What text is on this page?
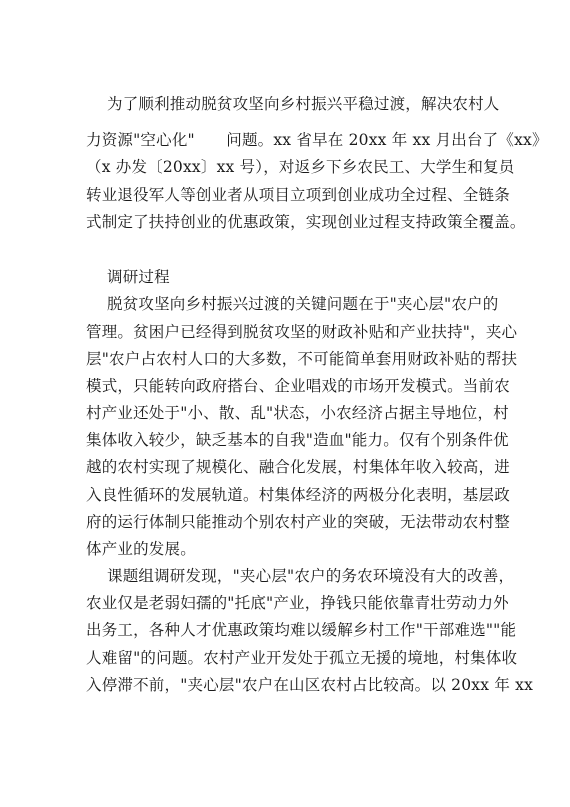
为了顺利推动脱贫攻坚向乡村振兴平稳过渡，解决农村人
力资源"空心化"　　问题。xx 省早在 20xx 年 xx 月出台了《xx》
（x 办发〔20xx〕xx 号），对返乡下乡农民工、大学生和复员
转业退役军人等创业者从项目立项到创业成功全过程、全链条
式制定了扶持创业的优惠政策，实现创业过程支持政策全覆盖。
调研过程
脱贫攻坚向乡村振兴过渡的关键问题在于"夹心层"农户的
管理。贫困户已经得到脱贫攻坚的财政补贴和产业扶持"，夹心
层"农户占农村人口的大多数，不可能简单套用财政补贴的帮扶
模式，只能转向政府搭台、企业唱戏的市场开发模式。当前农
村产业还处于"小、散、乱"状态，小农经济占据主导地位，村
集体收入较少，缺乏基本的自我"造血"能力。仅有个别条件优
越的农村实现了规模化、融合化发展，村集体年收入较高，进
入良性循环的发展轨道。村集体经济的两极分化表明，基层政
府的运行体制只能推动个别农村产业的突破，无法带动农村整
体产业的发展。
课题组调研发现，"夹心层"农户的务农环境没有大的改善，
农业仅是老弱妇孺的"托底"产业，挣钱只能依靠青壮劳动力外
出务工，各种人才优惠政策均难以缓解乡村工作"干部难选""能
人难留"的问题。农村产业开发处于孤立无援的境地，村集体收
入停滞不前，"夹心层"农户在山区农村占比较高。以 20xx 年 xx
